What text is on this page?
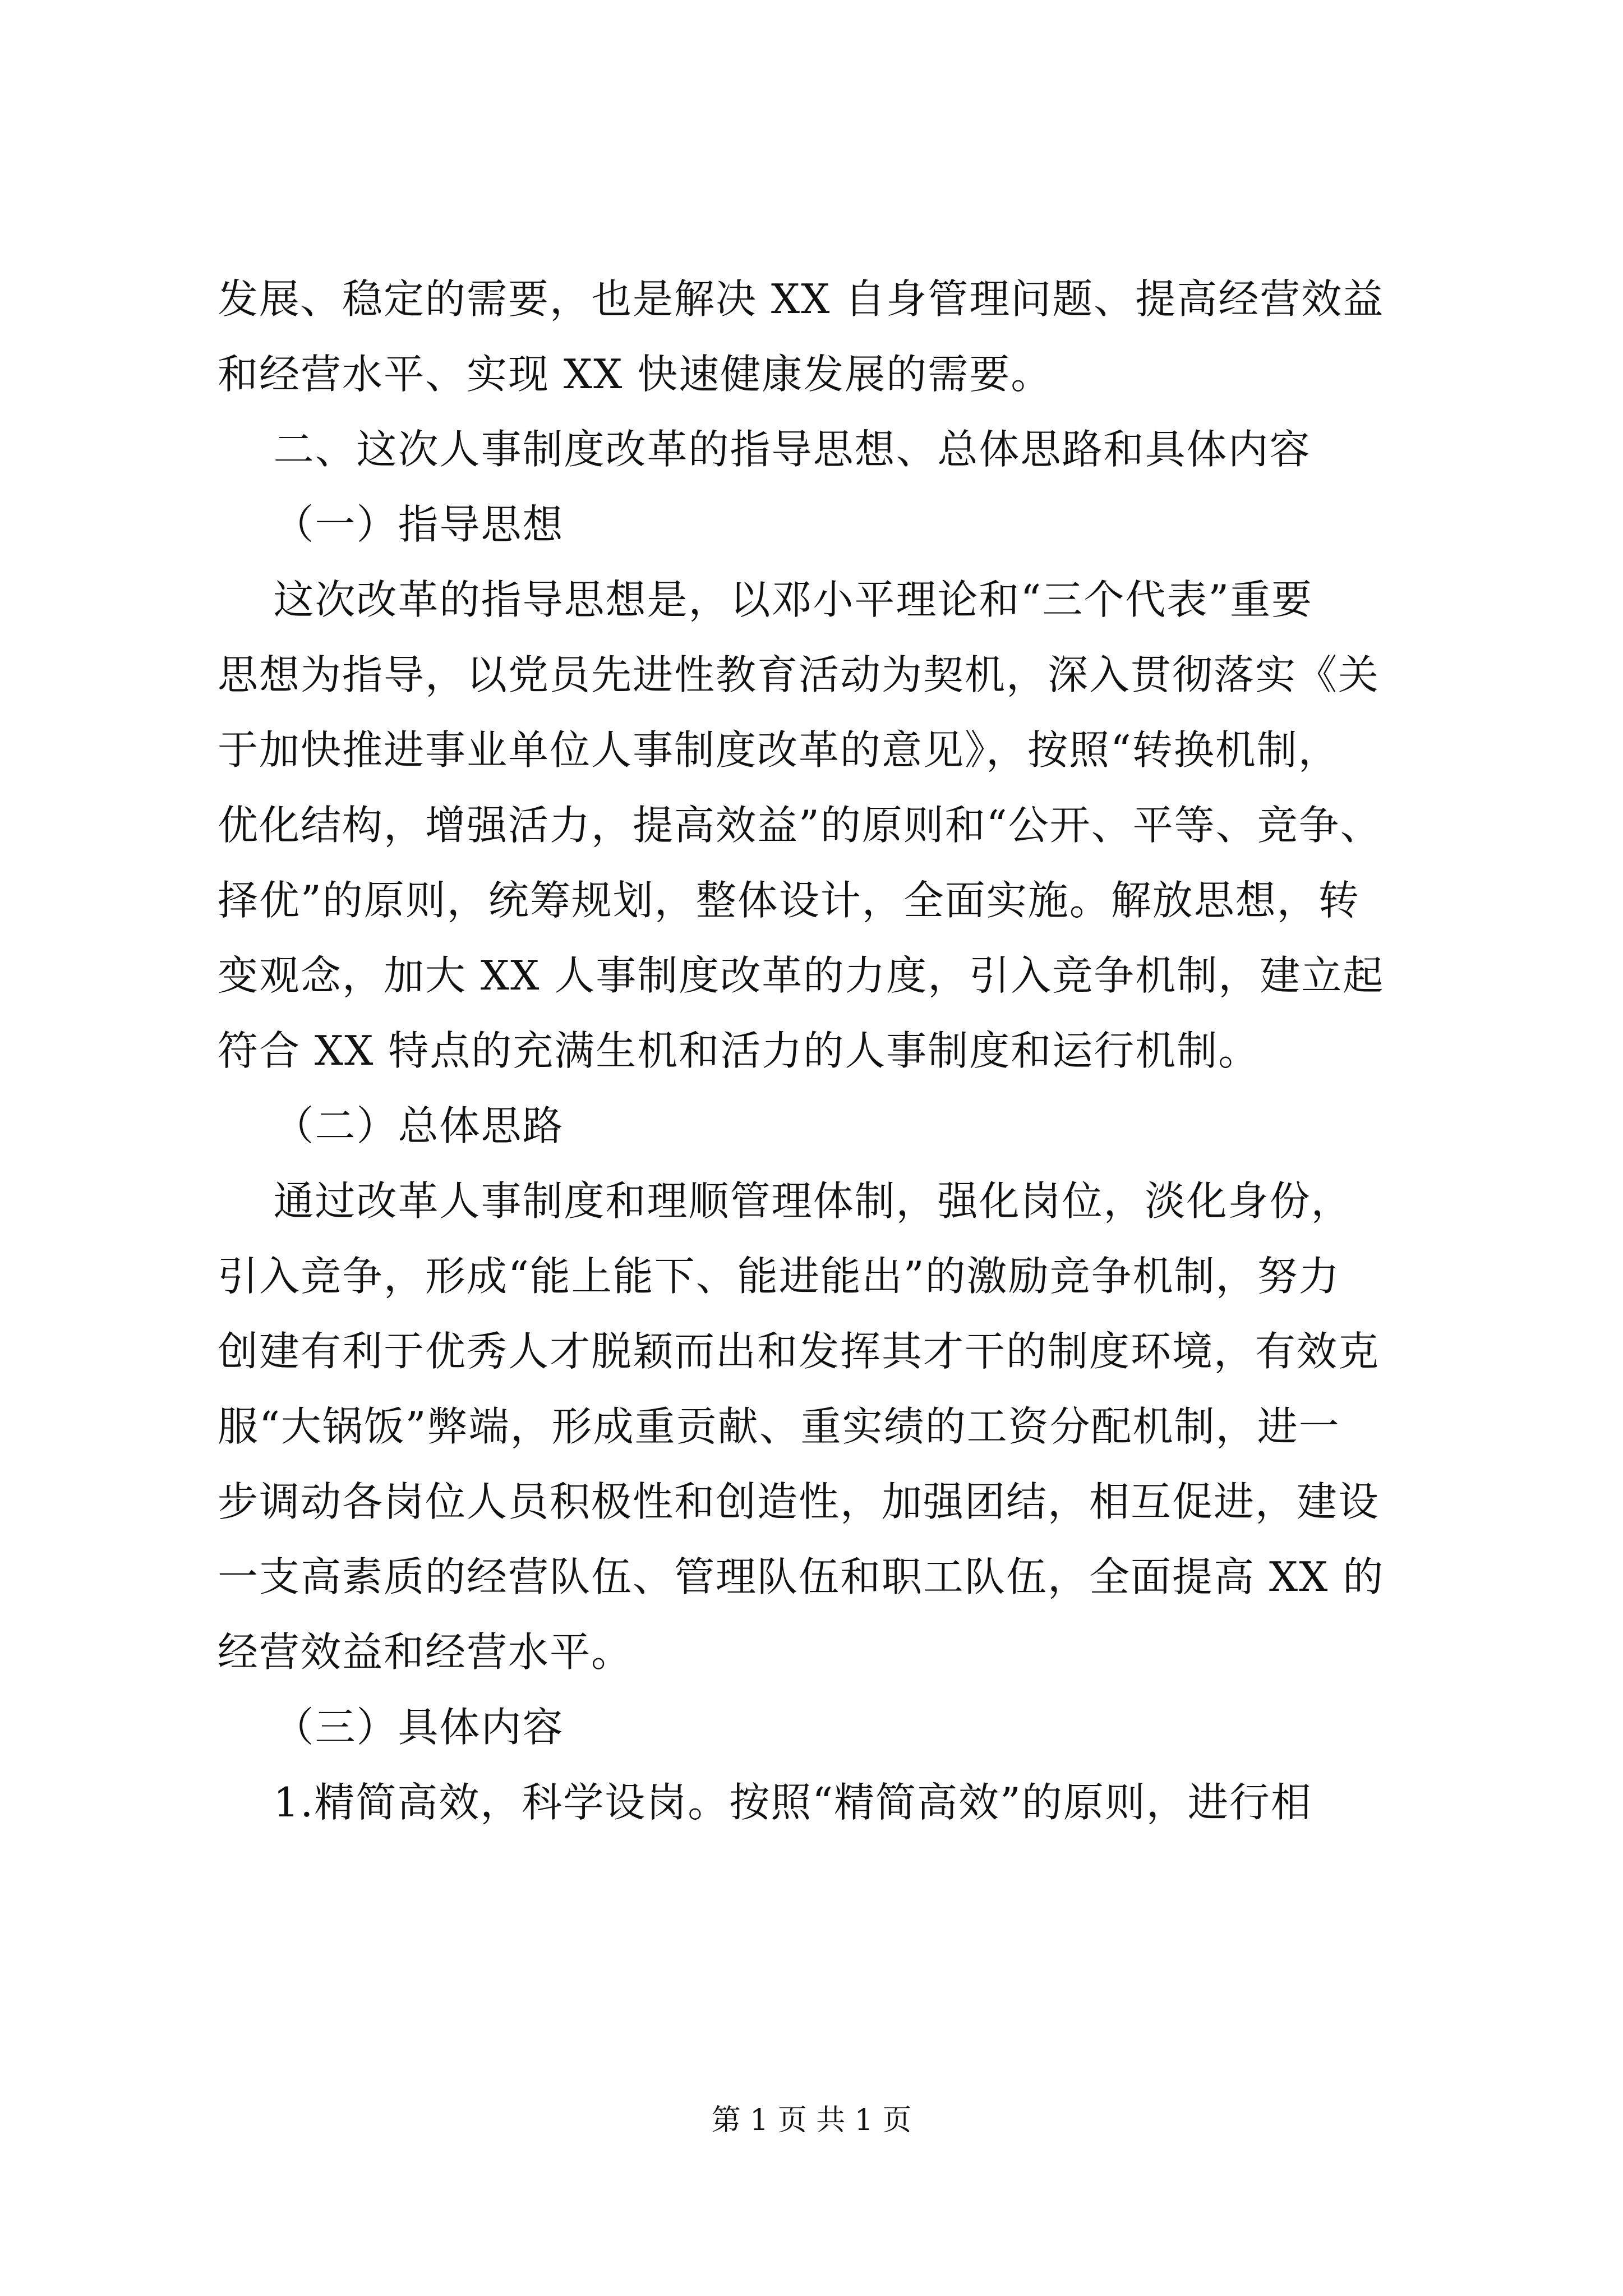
发展、稳定的需要，也是解决 XX 自身管理问题、提高经营效益
和经营水平、实现 XX 快速健康发展的需要。
二、这次人事制度改革的指导思想、总体思路和具体内容
（一）指导思想
这次改革的指导思想是，以邓小平理论和“三个代表”重要
思想为指导，以党员先进性教育活动为契机，深入贯彻落实《关
于加快推进事业单位人事制度改革的意见》，按照“转换机制，
优化结构，增强活力，提高效益”的原则和“公开、平等、竞争、
择优”的原则，统筹规划，整体设计，全面实施。解放思想，转
变观念，加大 XX 人事制度改革的力度，引入竞争机制，建立起
符合 XX 特点的充满生机和活力的人事制度和运行机制。
（二）总体思路
通过改革人事制度和理顺管理体制，强化岗位，淡化身份，
引入竞争，形成“能上能下、能进能出”的激励竞争机制，努力
创建有利于优秀人才脱颖而出和发挥其才干的制度环境，有效克
服“大锅饭”弊端，形成重贡献、重实绩的工资分配机制，进一
步调动各岗位人员积极性和创造性，加强团结，相互促进，建设
一支高素质的经营队伍、管理队伍和职工队伍，全面提高 XX 的
经营效益和经营水平。
（三）具体内容
1.精简高效，科学设岗。按照“精简高效”的原则，进行相
第 1 页 共 1 页
